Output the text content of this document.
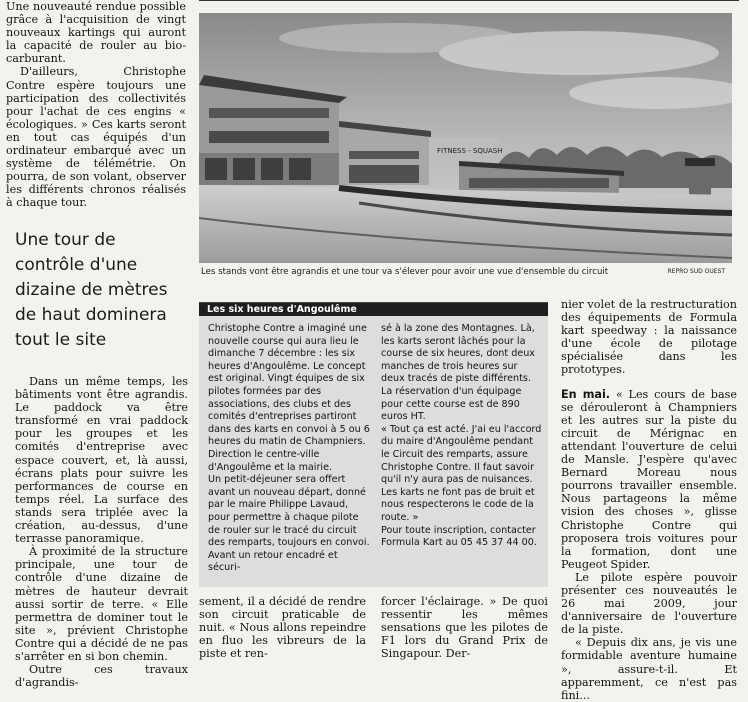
Une nouveauté rendue possible grâce à l'acquisition de vingt nouveaux kartings qui auront la capacité de rouler au bio-carburant.

D'ailleurs, Christophe Contre espère toujours une participation des collectivités pour l'achat de ces engins « écologiques. » Ces karts seront en tout cas équipés d'un ordinateur embarqué avec un système de télémétrie. On pourra, de son volant, observer les différents chronos réalisés à chaque tour.

Une tour de contrôle d'une dizaine de mètres de haut dominera tout le site

Dans un même temps, les bâtiments vont être agrandis. Le paddock va être transformé en vrai paddock pour les groupes et les comités d'entreprise avec espace couvert, et, là aussi, écrans plats pour suivre les performances de course en temps réel. La surface des stands sera triplée avec la création, au-dessus, d'une terrasse panoramique.

À proximité de la structure principale, une tour de contrôle d'une dizaine de mètres de hauteur devrait aussi sortir de terre. « Elle permettra de dominer tout le site », prévient Christophe Contre qui a décidé de ne pas s'arrêter en si bon chemin.

Outre ces travaux d'agrandis-

FITNESS - SQUASH
Les stands vont être agrandis et une tour va s'élever pour avoir une vue d'ensemble du circuit	REPRO SUD OUEST
Les six heures d'Angoulême

Christophe Contre a imaginé une nouvelle course qui aura lieu le dimanche 7 décembre : les six heures d'Angoulême. Le concept est original. Vingt équipes de six pilotes formées par des associations, des clubs et des comités d'entreprises partiront dans des karts en convoi à 5 ou 6 heures du matin de Champniers. Direction le centre-ville d'Angoulême et la mairie.

Un petit-déjeuner sera offert avant un nouveau départ, donné par le maire Philippe Lavaud, pour permettre à chaque pilote de rouler sur le tracé du circuit des remparts, toujours en convoi. Avant un retour encadré et sécuri-

sé à la zone des Montagnes. Là, les karts seront lâchés pour la course de six heures, dont deux manches de trois heures sur deux tracés de piste différents. La réservation d'un équipage pour cette course est de 890 euros HT.

« Tout ça est acté. J'ai eu l'accord du maire d'Angoulême pendant le Circuit des remparts, assure Christophe Contre. Il faut savoir qu'il n'y aura pas de nuisances. Les karts ne font pas de bruit et nous respecterons le code de la route. »

Pour toute inscription, contacter Formula Kart au 05 45 37 44 00.

sement, il a décidé de rendre son circuit praticable de nuit. « Nous allons repeindre en fluo les vibreurs de la piste et ren-

forcer l'éclairage. » De quoi ressentir les mêmes sensations que les pilotes de F1 lors du Grand Prix de Singapour. Der-

nier volet de la restructuration des équipements de Formula kart speedway : la naissance d'une école de pilotage spécialisée dans les prototypes.

En mai. « Les cours de base se dérouleront à Champniers et les autres sur la piste du circuit de Mérignac en attendant l'ouverture de celui de Mansle. J'espère qu'avec Bernard Moreau nous pourrons travailler ensemble. Nous partageons la même vision des choses », glisse Christophe Contre qui proposera trois voitures pour la formation, dont une Peugeot Spider.

Le pilote espère pouvoir présenter ces nouveautés le 26 mai 2009, jour d'anniversaire de l'ouverture de la piste.

« Depuis dix ans, je vis une formidable aventure humaine », assure-t-il. Et apparemment, ce n'est pas fini...
